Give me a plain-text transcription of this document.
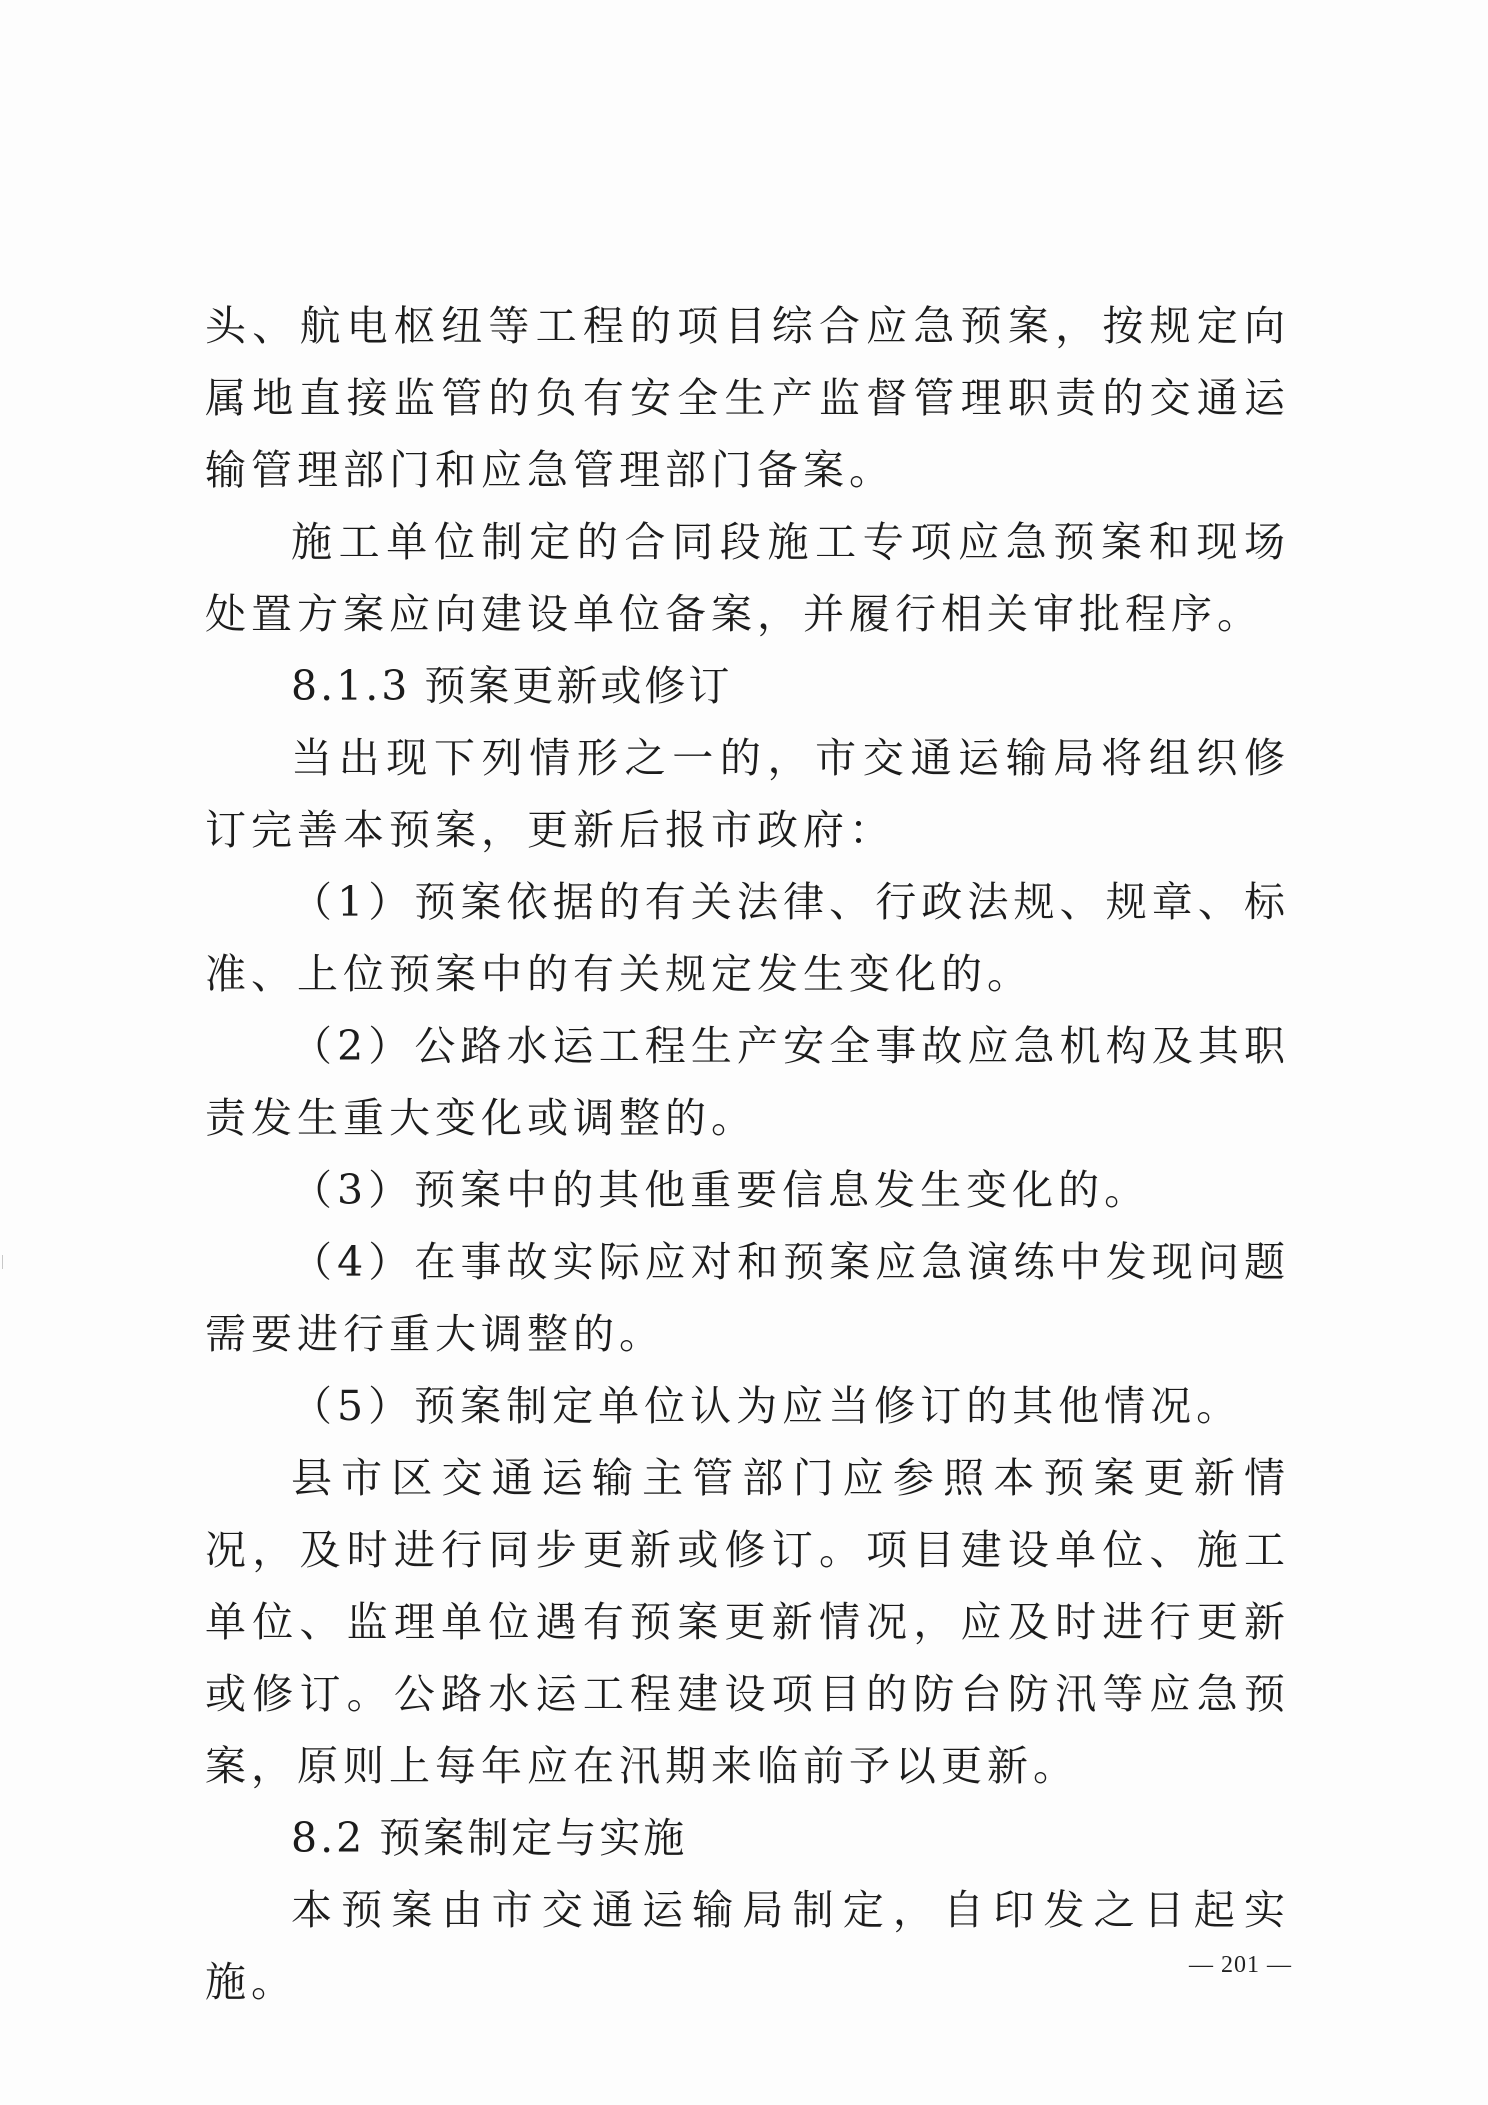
头、航电枢纽等工程的项目综合应急预案，按规定向属地直接监管的负有安全生产监督管理职责的交通运输管理部门和应急管理部门备案。

施工单位制定的合同段施工专项应急预案和现场处置方案应向建设单位备案，并履行相关审批程序。

8.1.3 预案更新或修订

当出现下列情形之一的，市交通运输局将组织修订完善本预案，更新后报市政府：

（1）预案依据的有关法律、行政法规、规章、标准、上位预案中的有关规定发生变化的。

（2）公路水运工程生产安全事故应急机构及其职责发生重大变化或调整的。

（3）预案中的其他重要信息发生变化的。

（4）在事故实际应对和预案应急演练中发现问题需要进行重大调整的。

（5）预案制定单位认为应当修订的其他情况。

县市区交通运输主管部门应参照本预案更新情况，及时进行同步更新或修订。项目建设单位、施工单位、监理单位遇有预案更新情况，应及时进行更新或修订。公路水运工程建设项目的防台防汛等应急预案，原则上每年应在汛期来临前予以更新。

8.2 预案制定与实施

本预案由市交通运输局制定，自印发之日起实施。	— 201 —
